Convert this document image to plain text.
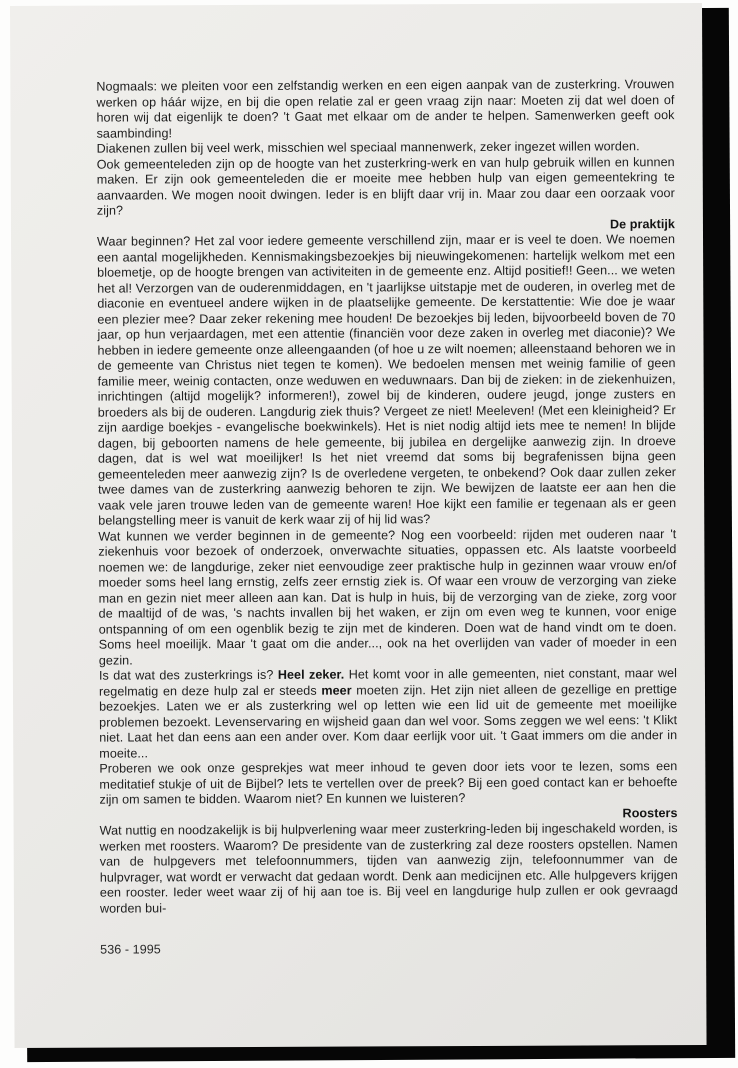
Nogmaals: we pleiten voor een zelfstandig werken en een eigen aanpak van de zusterkring. Vrouwen werken op háár wijze, en bij die open relatie zal er geen vraag zijn naar: Moeten zij dat wel doen of horen wij dat eigenlijk te doen? 't Gaat met elkaar om de ander te helpen. Samenwerken geeft ook saambinding!

Diakenen zullen bij veel werk, misschien wel speciaal mannenwerk, zeker ingezet willen worden.

Ook gemeenteleden zijn op de hoogte van het zusterkring-werk en van hulp gebruik willen en kunnen maken. Er zijn ook gemeenteleden die er moeite mee hebben hulp van eigen gemeentekring te aanvaarden. We mogen nooit dwingen. Ieder is en blijft daar vrij in. Maar zou daar een oorzaak voor zijn?

De praktijk

Waar beginnen? Het zal voor iedere gemeente verschillend zijn, maar er is veel te doen. We noemen een aantal mogelijkheden. Kennismakingsbezoekjes bij nieuwingekomenen: hartelijk welkom met een bloemetje, op de hoogte brengen van activiteiten in de gemeente enz. Altijd positief!! Geen... we weten het al! Verzorgen van de ouderenmiddagen, en 't jaarlijkse uitstapje met de ouderen, in overleg met de diaconie en eventueel andere wijken in de plaatselijke gemeente. De kerstattentie: Wie doe je waar een plezier mee? Daar zeker rekening mee houden! De bezoekjes bij leden, bijvoorbeeld boven de 70 jaar, op hun verjaardagen, met een attentie (financiën voor deze zaken in overleg met diaconie)? We hebben in iedere gemeente onze alleengaanden (of hoe u ze wilt noemen; alleenstaand behoren we in de gemeente van Christus niet tegen te komen). We bedoelen mensen met weinig familie of geen familie meer, weinig contacten, onze weduwen en weduwnaars. Dan bij de zieken: in de ziekenhuizen, inrichtingen (altijd mogelijk? informeren!), zowel bij de kinderen, oudere jeugd, jonge zusters en broeders als bij de ouderen. Langdurig ziek thuis? Vergeet ze niet! Meeleven! (Met een kleinigheid? Er zijn aardige boekjes - evangelische boekwinkels). Het is niet nodig altijd iets mee te nemen! In blijde dagen, bij geboorten namens de hele gemeente, bij jubilea en dergelijke aanwezig zijn. In droeve dagen, dat is wel wat moeilijker! Is het niet vreemd dat soms bij begrafenissen bijna geen gemeenteleden meer aanwezig zijn? Is de overledene vergeten, te onbekend? Ook daar zullen zeker twee dames van de zusterkring aanwezig behoren te zijn. We bewijzen de laatste eer aan hen die vaak vele jaren trouwe leden van de gemeente waren! Hoe kijkt een familie er tegenaan als er geen belangstelling meer is vanuit de kerk waar zij of hij lid was?

Wat kunnen we verder beginnen in de gemeente? Nog een voorbeeld: rijden met ouderen naar 't ziekenhuis voor bezoek of onderzoek, onverwachte situaties, oppassen etc. Als laatste voorbeeld noemen we: de langdurige, zeker niet eenvoudige zeer praktische hulp in gezinnen waar vrouw en/of moeder soms heel lang ernstig, zelfs zeer ernstig ziek is. Of waar een vrouw de verzorging van zieke man en gezin niet meer alleen aan kan. Dat is hulp in huis, bij de verzorging van de zieke, zorg voor de maaltijd of de was, 's nachts invallen bij het waken, er zijn om even weg te kunnen, voor enige ontspanning of om een ogenblik bezig te zijn met de kinderen. Doen wat de hand vindt om te doen. Soms heel moeilijk. Maar 't gaat om die ander..., ook na het overlijden van vader of moeder in een gezin.

Is dat wat des zusterkrings is? Heel zeker. Het komt voor in alle gemeenten, niet constant, maar wel regelmatig en deze hulp zal er steeds meer moeten zijn. Het zijn niet alleen de gezellige en prettige bezoekjes. Laten we er als zusterkring wel op letten wie een lid uit de gemeente met moeilijke problemen bezoekt. Levenservaring en wijsheid gaan dan wel voor. Soms zeggen we wel eens: 't Klikt niet. Laat het dan eens aan een ander over. Kom daar eerlijk voor uit. 't Gaat immers om die ander in moeite...

Proberen we ook onze gesprekjes wat meer inhoud te geven door iets voor te lezen, soms een meditatief stukje of uit de Bijbel? Iets te vertellen over de preek? Bij een goed contact kan er behoefte zijn om samen te bidden. Waarom niet? En kunnen we luisteren?

Roosters

Wat nuttig en noodzakelijk is bij hulpverlening waar meer zusterkring-leden bij ingeschakeld worden, is werken met roosters. Waarom? De presidente van de zusterkring zal deze roosters opstellen. Namen van de hulpgevers met telefoonnummers, tijden van aanwezig zijn, telefoonnummer van de hulpvrager, wat wordt er verwacht dat gedaan wordt. Denk aan medicijnen etc. Alle hulpgevers krijgen een rooster. Ieder weet waar zij of hij aan toe is. Bij veel en langdurige hulp zullen er ook gevraagd worden bui-

536 - 1995
